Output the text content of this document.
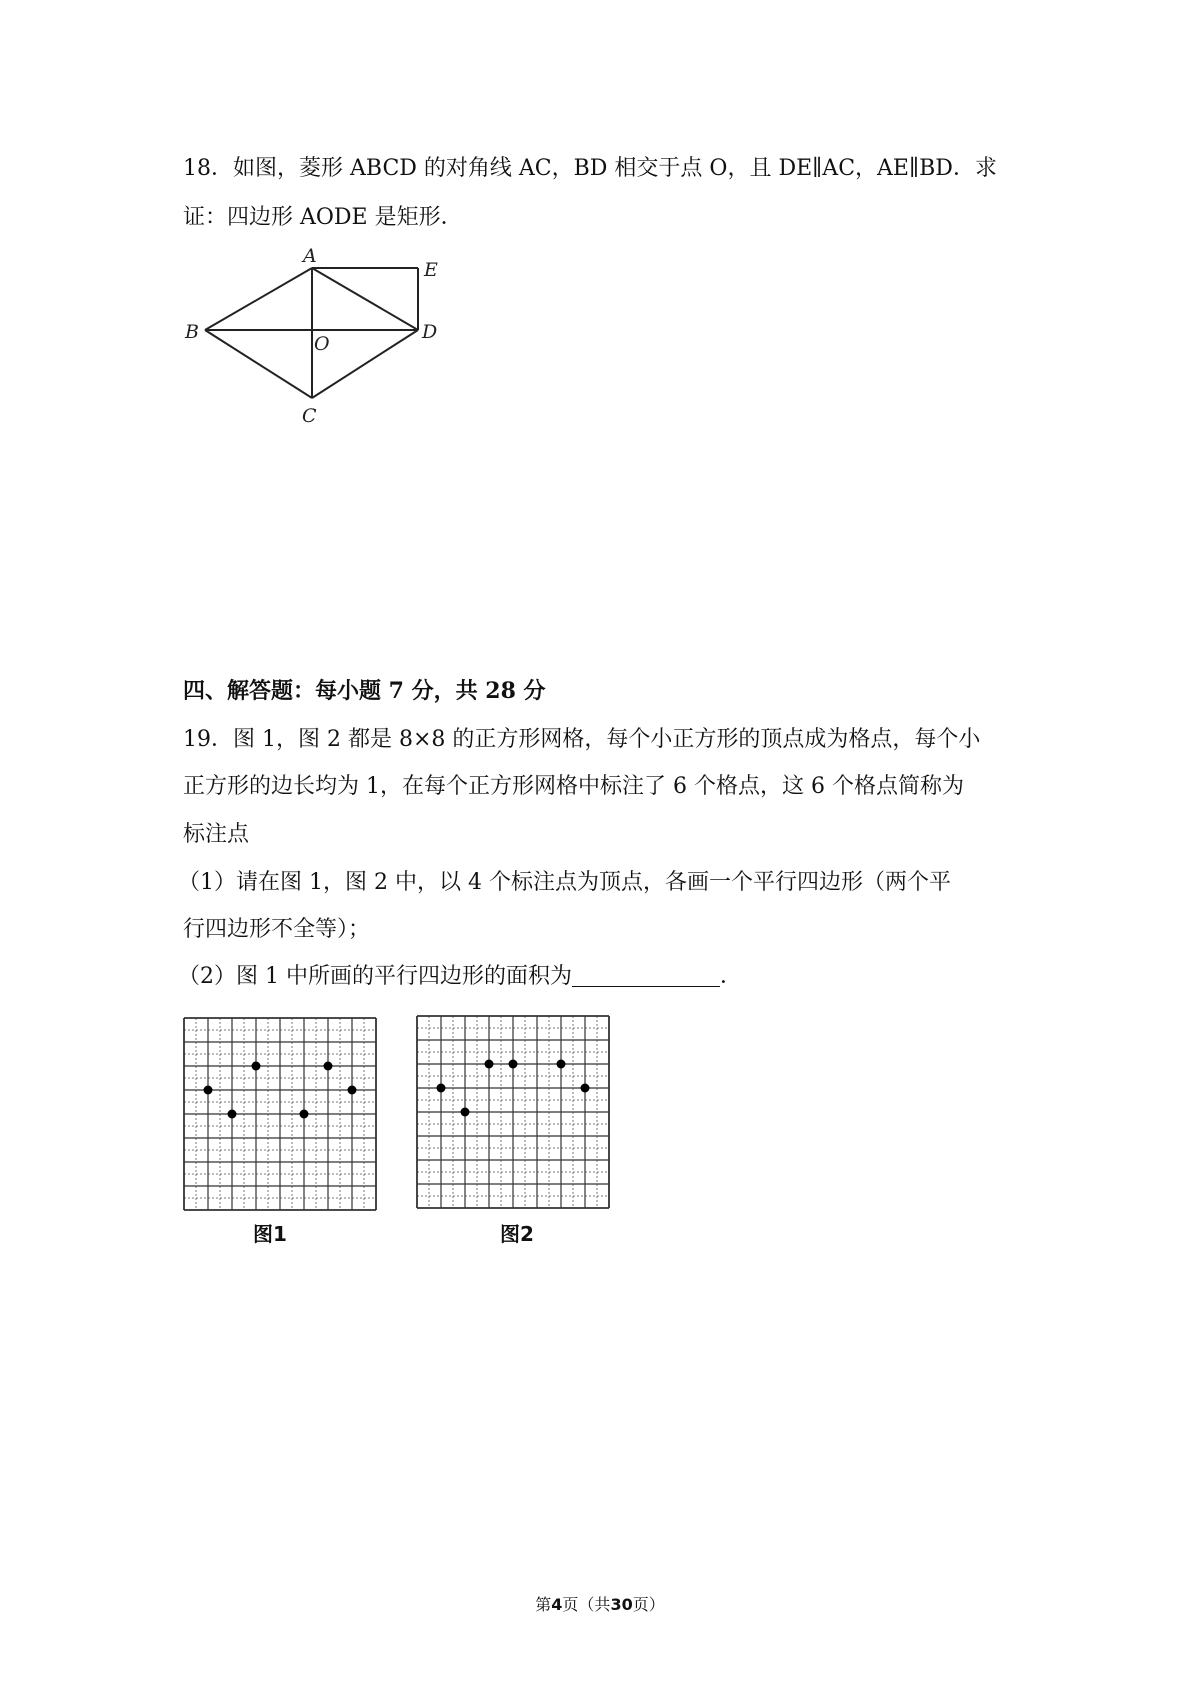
18．如图，菱形 ABCD 的对角线 AC，BD 相交于点 O，且 DE∥AC，AE∥BD．求
证：四边形 AODE 是矩形．
A
E
B	D
O
C
四、解答题：每小题 7 分，共 28 分
19．图 1，图 2 都是 8×8 的正方形网格，每个小正方形的顶点成为格点，每个小
正方形的边长均为 1，在每个正方形网格中标注了 6 个格点，这 6 个格点简称为
标注点
（1）请在图 1，图 2 中，以 4 个标注点为顶点，各画一个平行四边形（两个平
行四边形不全等）；
（2）图 1 中所画的平行四边形的面积为	．
图1	图2
第4页（共30页）
